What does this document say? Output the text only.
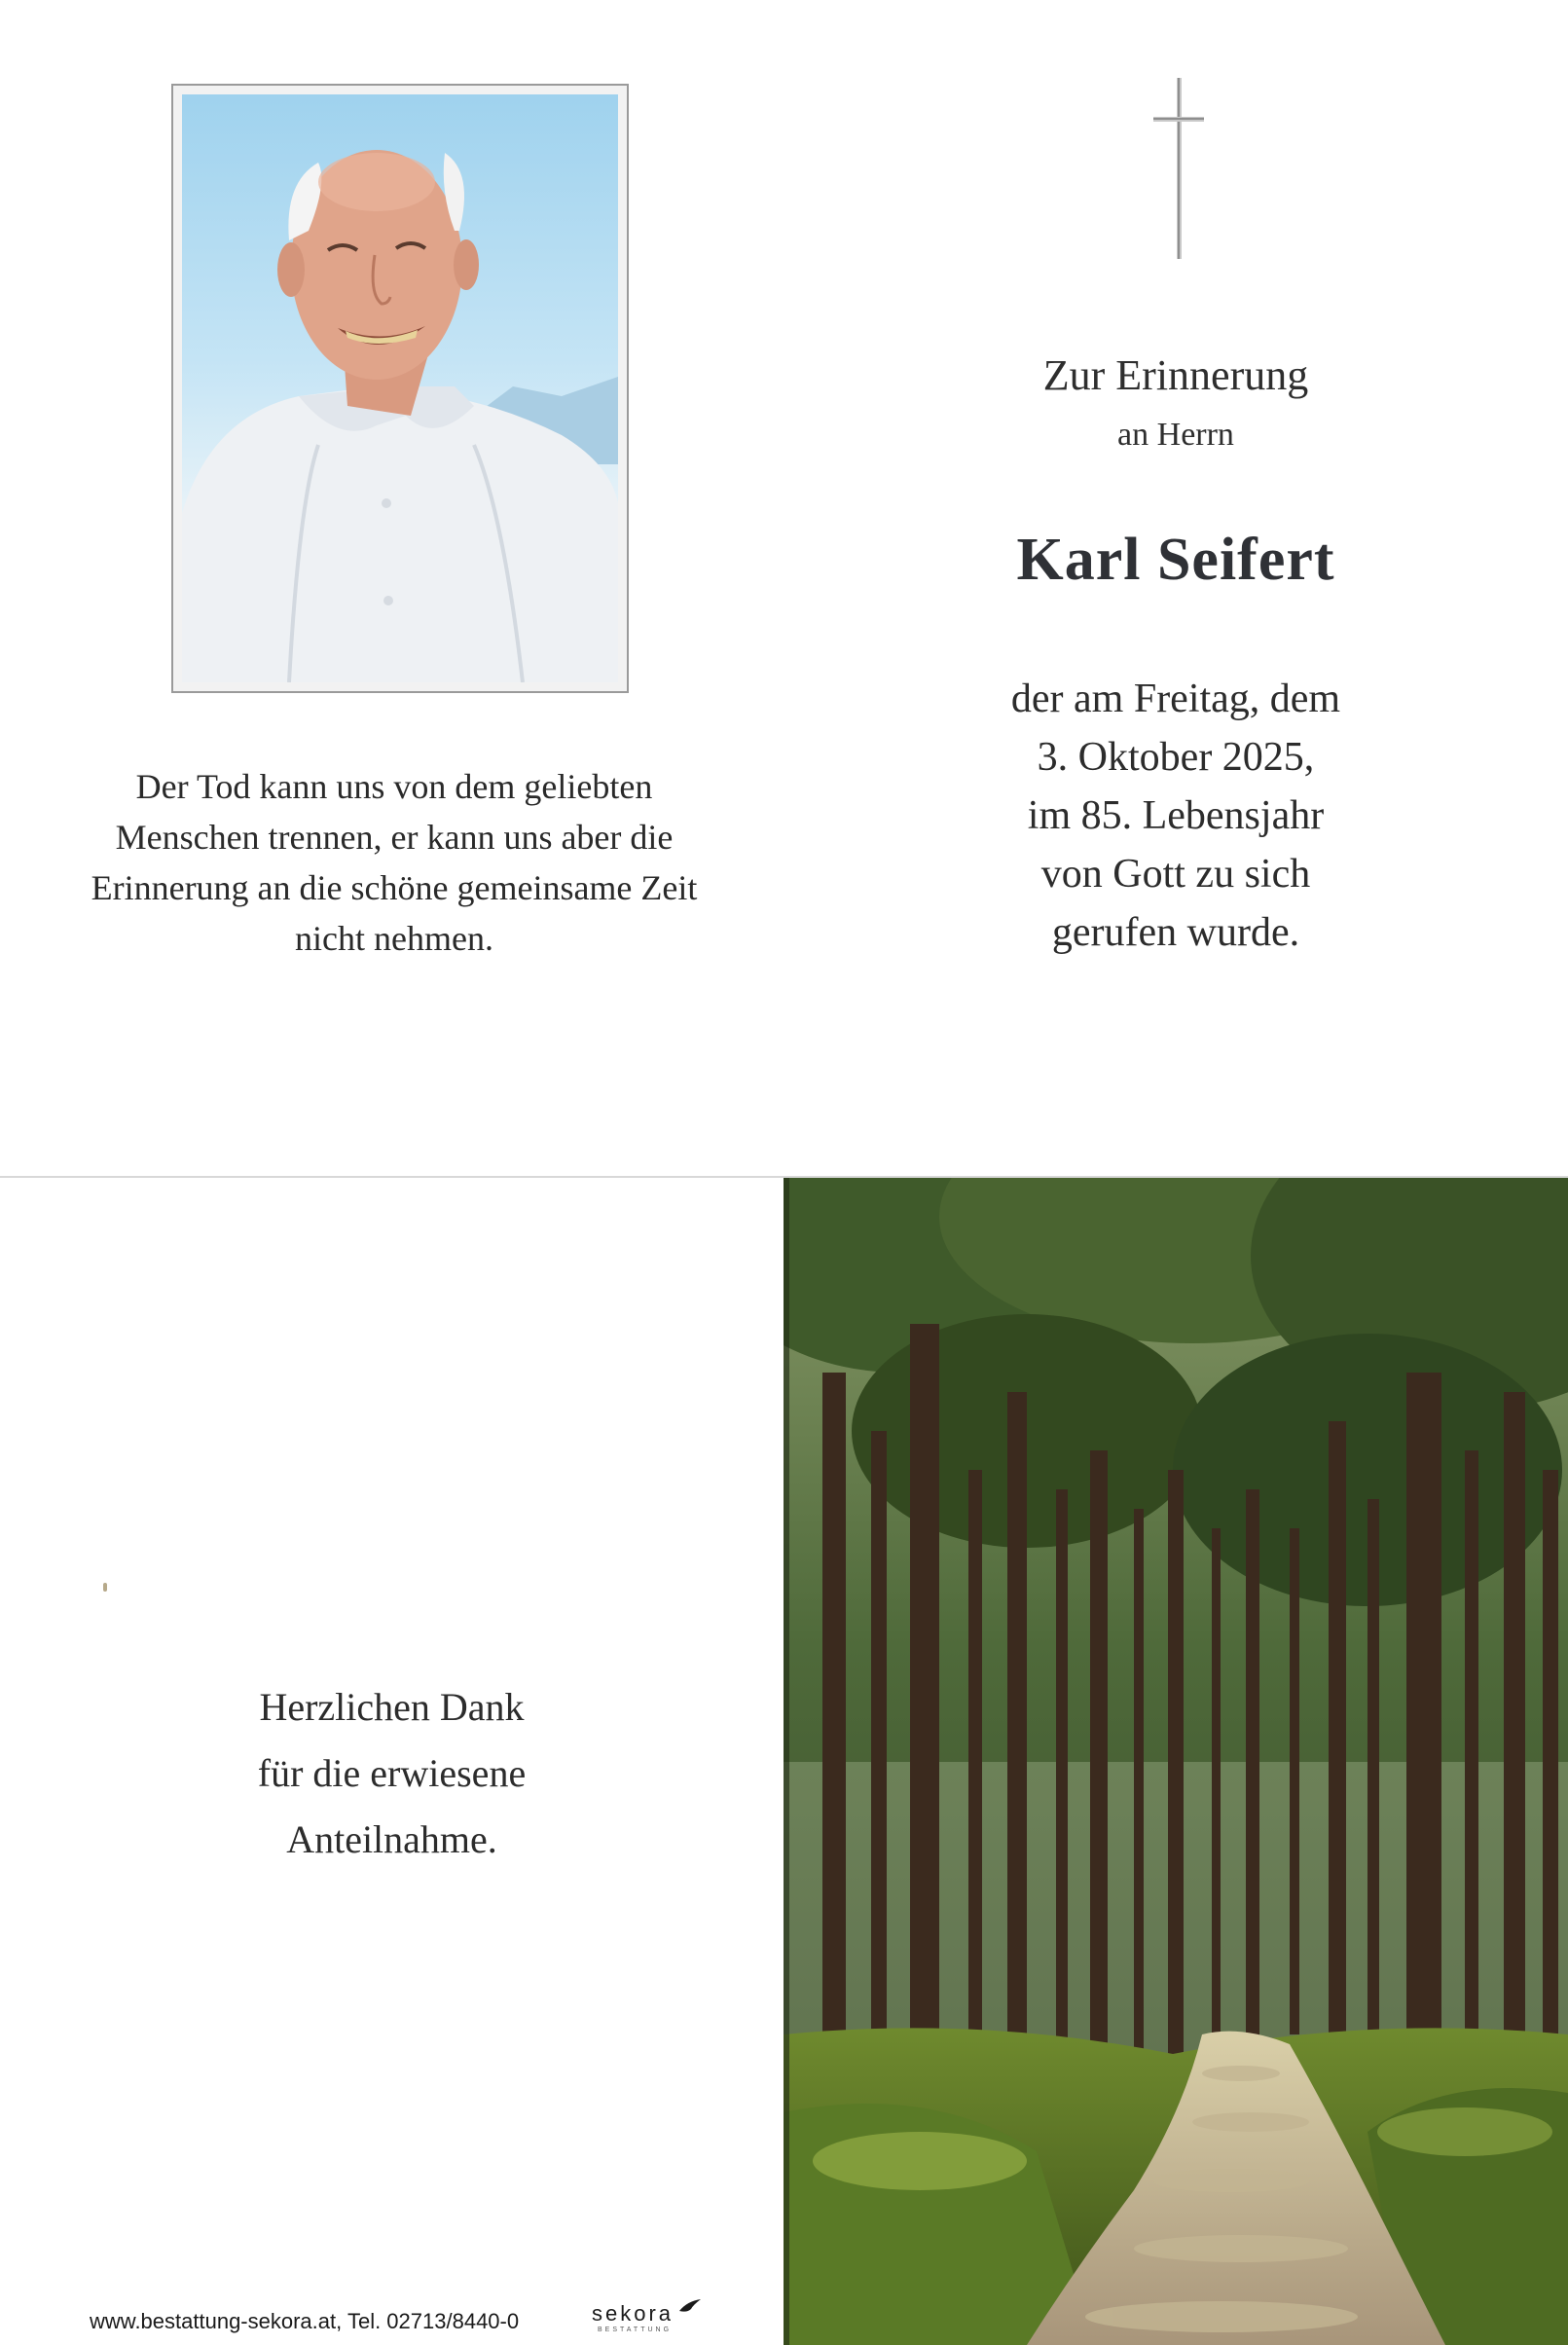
Der Tod kann uns von dem geliebten
Menschen trennen, er kann uns aber die
Erinnerung an die schöne gemeinsame Zeit
nicht nehmen.
Zur Erinnerung
an Herrn
Karl Seifert
der am Freitag, dem
3. Oktober 2025,
im 85. Lebensjahr
von Gott zu sich
gerufen wurde.
Herzlichen Dank
für die erwiesene
Anteilnahme.
www.bestattung-sekora.at, Tel. 02713/8440-0	sekora
BESTATTUNG
